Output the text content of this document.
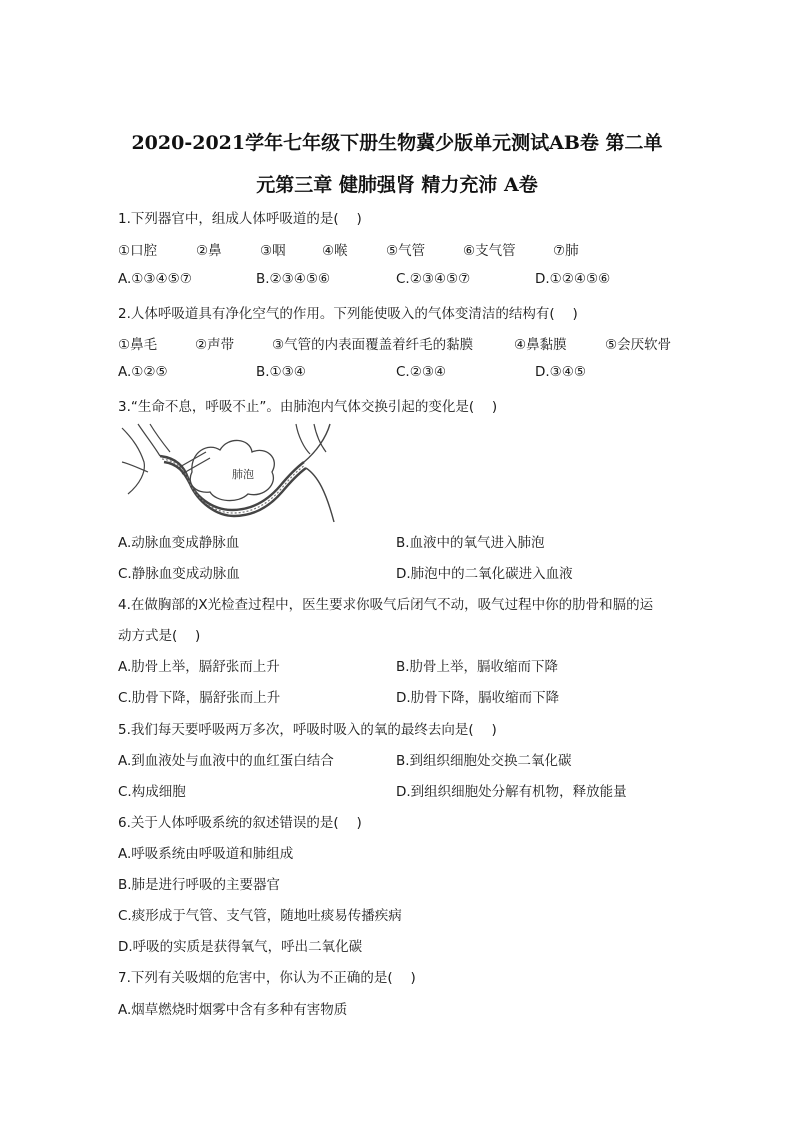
2020-2021学年七年级下册生物冀少版单元测试AB卷 第二单
元第三章 健肺强肾 精力充沛 A卷
1.下列器官中，组成人体呼吸道的是(　 )
①口腔	②鼻	③咽	④喉	⑤气管	⑥支气管	⑦肺
A.①③④⑤⑦	B.②③④⑤⑥	C.②③④⑤⑦	D.①②④⑤⑥
2.人体呼吸道具有净化空气的作用。下列能使吸入的气体变清洁的结构有(　 )
①鼻毛	②声带	③气管的内表面覆盖着纤毛的黏膜	④鼻黏膜	⑤会厌软骨
A.①②⑤	B.①③④	C.②③④	D.③④⑤
3.“生命不息，呼吸不止”。由肺泡内气体交换引起的变化是(　 )
肺泡
A.动脉血变成静脉血	B.血液中的氧气进入肺泡
C.静脉血变成动脉血	D.肺泡中的二氧化碳进入血液
4.在做胸部的X光检查过程中，医生要求你吸气后闭气不动，吸气过程中你的肋骨和膈的运
动方式是(　 )
A.肋骨上举，膈舒张而上升	B.肋骨上举，膈收缩而下降
C.肋骨下降，膈舒张而上升	D.肋骨下降，膈收缩而下降
5.我们每天要呼吸两万多次，呼吸时吸入的氧的最终去向是(　 )
A.到血液处与血液中的血红蛋白结合	B.到组织细胞处交换二氧化碳
C.构成细胞	D.到组织细胞处分解有机物，释放能量
6.关于人体呼吸系统的叙述错误的是(　 )
A.呼吸系统由呼吸道和肺组成
B.肺是进行呼吸的主要器官
C.痰形成于气管、支气管，随地吐痰易传播疾病
D.呼吸的实质是获得氧气，呼出二氧化碳
7.下列有关吸烟的危害中，你认为不正确的是(　 )
A.烟草燃烧时烟雾中含有多种有害物质
